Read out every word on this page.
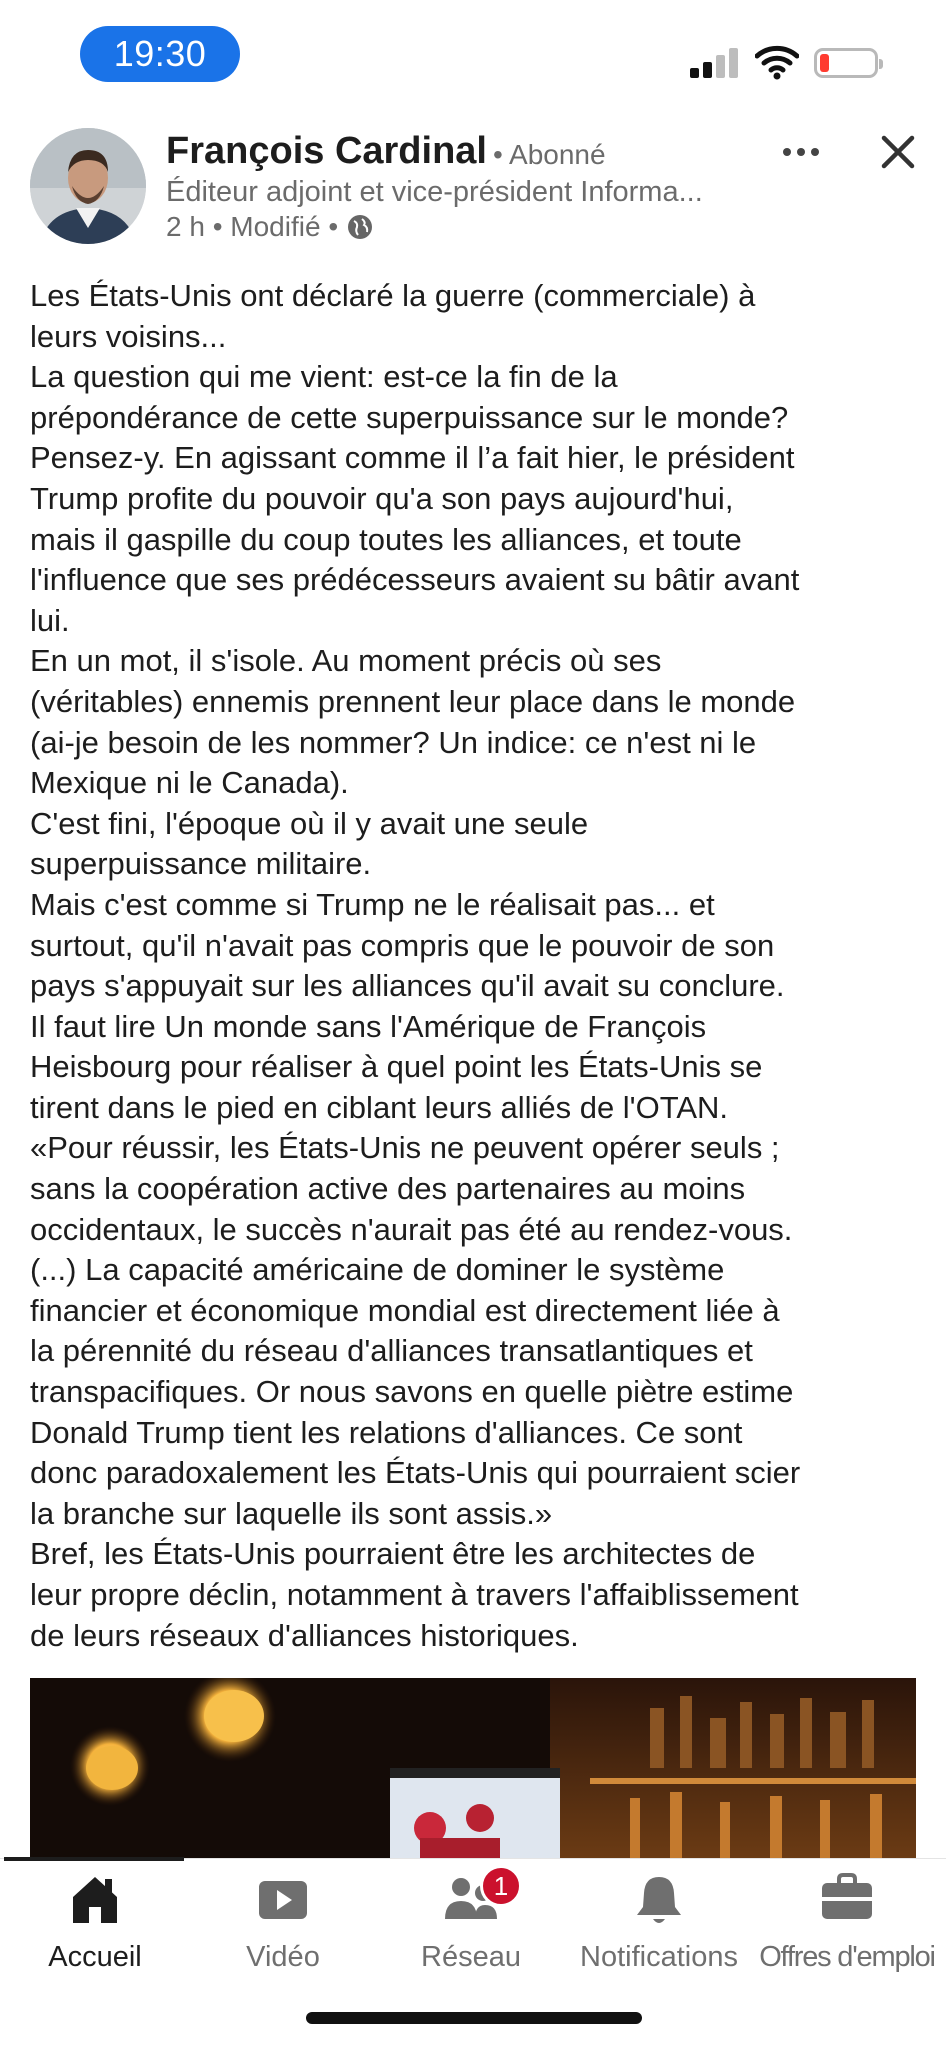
19:30
François Cardinal • Abonné
Éditeur adjoint et vice-président Informa...
2 h • Modifié •

Les États-Unis ont déclaré la guerre (commerciale) à

leurs voisins...

La question qui me vient: est-ce la fin de la

prépondérance de cette superpuissance sur le monde?

Pensez-y. En agissant comme il l’a fait hier, le président

Trump profite du pouvoir qu'a son pays aujourd'hui,

mais il gaspille du coup toutes les alliances, et toute

l'influence que ses prédécesseurs avaient su bâtir avant

lui.

En un mot, il s'isole. Au moment précis où ses

(véritables) ennemis prennent leur place dans le monde

(ai-je besoin de les nommer? Un indice: ce n'est ni le

Mexique ni le Canada).

C'est fini, l'époque où il y avait une seule

superpuissance militaire.

Mais c'est comme si Trump ne le réalisait pas... et

surtout, qu'il n'avait pas compris que le pouvoir de son

pays s'appuyait sur les alliances qu'il avait su conclure.

Il faut lire Un monde sans l'Amérique de François

Heisbourg pour réaliser à quel point les États-Unis se

tirent dans le pied en ciblant leurs alliés de l'OTAN.

«Pour réussir, les États-Unis ne peuvent opérer seuls ;

sans la coopération active des partenaires au moins

occidentaux, le succès n'aurait pas été au rendez-vous.

(...) La capacité américaine de dominer le système

financier et économique mondial est directement liée à

la pérennité du réseau d'alliances transatlantiques et

transpacifiques. Or nous savons en quelle piètre estime

Donald Trump tient les relations d'alliances. Ce sont

donc paradoxalement les États-Unis qui pourraient scier

la branche sur laquelle ils sont assis.»

Bref, les États-Unis pourraient être les architectes de

leur propre déclin, notamment à travers l'affaiblissement

de leurs réseaux d'alliances historiques.

Accueil	Vidéo
1
Réseau	Notifications Offres d'emploi
